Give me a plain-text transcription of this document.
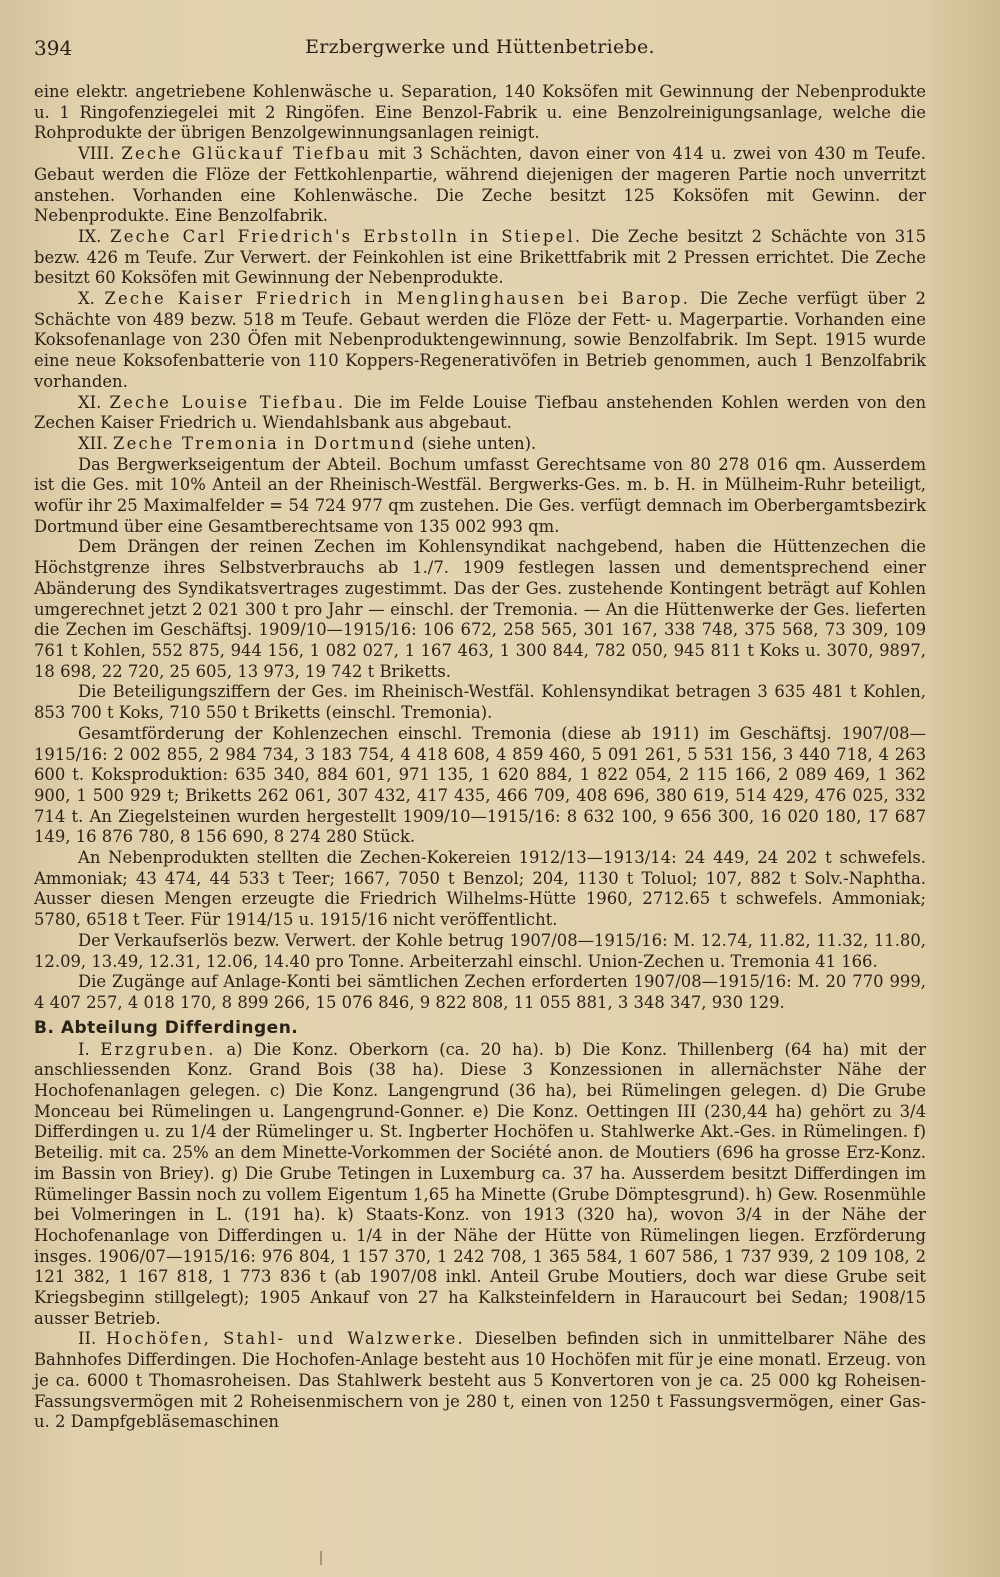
394	Erzbergwerke und Hüttenbetriebe.

eine elektr. angetriebene Kohlenwäsche u. Separation, 140 Koksöfen mit Gewinnung der Nebenprodukte u. 1 Ringofenziegelei mit 2 Ringöfen. Eine Benzol-Fabrik u. eine Benzolreinigungsanlage, welche die Rohprodukte der übrigen Benzolgewinnungsanlagen reinigt.

VIII. Zeche Glückauf Tiefbau mit 3 Schächten, davon einer von 414 u. zwei von 430 m Teufe. Gebaut werden die Flöze der Fettkohlenpartie, während diejenigen der mageren Partie noch unverritzt anstehen. Vorhanden eine Kohlenwäsche. Die Zeche besitzt 125 Koksöfen mit Gewinn. der Nebenprodukte. Eine Benzolfabrik.

IX. Zeche Carl Friedrich's Erbstolln in Stiepel. Die Zeche besitzt 2 Schächte von 315 bezw. 426 m Teufe. Zur Verwert. der Feinkohlen ist eine Brikettfabrik mit 2 Pressen errichtet. Die Zeche besitzt 60 Koksöfen mit Gewinnung der Nebenprodukte.

X. Zeche Kaiser Friedrich in Menglinghausen bei Barop. Die Zeche verfügt über 2 Schächte von 489 bezw. 518 m Teufe. Gebaut werden die Flöze der Fett- u. Magerpartie. Vorhanden eine Koksofenanlage von 230 Öfen mit Nebenproduktengewinnung, sowie Benzolfabrik. Im Sept. 1915 wurde eine neue Koksofenbatterie von 110 Koppers-Regenerativöfen in Betrieb genommen, auch 1 Benzolfabrik vorhanden.

XI. Zeche Louise Tiefbau. Die im Felde Louise Tiefbau anstehenden Kohlen werden von den Zechen Kaiser Friedrich u. Wiendahlsbank aus abgebaut.

XII. Zeche Tremonia in Dortmund (siehe unten).

Das Bergwerkseigentum der Abteil. Bochum umfasst Gerechtsame von 80 278 016 qm. Ausserdem ist die Ges. mit 10% Anteil an der Rheinisch-Westfäl. Bergwerks-Ges. m. b. H. in Mülheim-Ruhr beteiligt, wofür ihr 25 Maximalfelder = 54 724 977 qm zustehen. Die Ges. verfügt demnach im Oberbergamtsbezirk Dortmund über eine Gesamtberechtsame von 135 002 993 qm.

Dem Drängen der reinen Zechen im Kohlensyndikat nachgebend, haben die Hüttenzechen die Höchstgrenze ihres Selbstverbrauchs ab 1./7. 1909 festlegen lassen und dementsprechend einer Abänderung des Syndikatsvertrages zugestimmt. Das der Ges. zustehende Kontingent beträgt auf Kohlen umgerechnet jetzt 2 021 300 t pro Jahr — einschl. der Tremonia. — An die Hüttenwerke der Ges. lieferten die Zechen im Geschäftsj. 1909/10—1915/16: 106 672, 258 565, 301 167, 338 748, 375 568, 73 309, 109 761 t Kohlen, 552 875, 944 156, 1 082 027, 1 167 463, 1 300 844, 782 050, 945 811 t Koks u. 3070, 9897, 18 698, 22 720, 25 605, 13 973, 19 742 t Briketts.

Die Beteiligungsziffern der Ges. im Rheinisch-Westfäl. Kohlensyndikat betragen 3 635 481 t Kohlen, 853 700 t Koks, 710 550 t Briketts (einschl. Tremonia).

Gesamtförderung der Kohlenzechen einschl. Tremonia (diese ab 1911) im Geschäftsj. 1907/08—1915/16: 2 002 855, 2 984 734, 3 183 754, 4 418 608, 4 859 460, 5 091 261, 5 531 156, 3 440 718, 4 263 600 t. Koksproduktion: 635 340, 884 601, 971 135, 1 620 884, 1 822 054, 2 115 166, 2 089 469, 1 362 900, 1 500 929 t; Briketts 262 061, 307 432, 417 435, 466 709, 408 696, 380 619, 514 429, 476 025, 332 714 t. An Ziegelsteinen wurden hergestellt 1909/10—1915/16: 8 632 100, 9 656 300, 16 020 180, 17 687 149, 16 876 780, 8 156 690, 8 274 280 Stück.

An Nebenprodukten stellten die Zechen-Kokereien 1912/13—1913/14: 24 449, 24 202 t schwefels. Ammoniak; 43 474, 44 533 t Teer; 1667, 7050 t Benzol; 204, 1130 t Toluol; 107, 882 t Solv.-Naphtha. Ausser diesen Mengen erzeugte die Friedrich Wilhelms-Hütte 1960, 2712.65 t schwefels. Ammoniak; 5780, 6518 t Teer. Für 1914/15 u. 1915/16 nicht veröffentlicht.

Der Verkaufserlös bezw. Verwert. der Kohle betrug 1907/08—1915/16: M. 12.74, 11.82, 11.32, 11.80, 12.09, 13.49, 12.31, 12.06, 14.40 pro Tonne. Arbeiterzahl einschl. Union-Zechen u. Tremonia 41 166.

Die Zugänge auf Anlage-Konti bei sämtlichen Zechen erforderten 1907/08—1915/16: M. 20 770 999, 4 407 257, 4 018 170, 8 899 266, 15 076 846, 9 822 808, 11 055 881, 3 348 347, 930 129.

B. Abteilung Differdingen.

I. Erzgruben. a) Die Konz. Oberkorn (ca. 20 ha). b) Die Konz. Thillenberg (64 ha) mit der anschliessenden Konz. Grand Bois (38 ha). Diese 3 Konzessionen in allernächster Nähe der Hochofenanlagen gelegen. c) Die Konz. Langengrund (36 ha), bei Rümelingen gelegen. d) Die Grube Monceau bei Rümelingen u. Langengrund-Gonner. e) Die Konz. Oettingen III (230,44 ha) gehört zu 3/4 Differdingen u. zu 1/4 der Rümelinger u. St. Ingberter Hochöfen u. Stahlwerke Akt.-Ges. in Rümelingen. f) Beteilig. mit ca. 25% an dem Minette-Vorkommen der Société anon. de Moutiers (696 ha grosse Erz-Konz. im Bassin von Briey). g) Die Grube Tetingen in Luxemburg ca. 37 ha. Ausserdem besitzt Differdingen im Rümelinger Bassin noch zu vollem Eigentum 1,65 ha Minette (Grube Dömptesgrund). h) Gew. Rosenmühle bei Volmeringen in L. (191 ha). k) Staats-Konz. von 1913 (320 ha), wovon 3/4 in der Nähe der Hochofenanlage von Differdingen u. 1/4 in der Nähe der Hütte von Rümelingen liegen. Erzförderung insges. 1906/07—1915/16: 976 804, 1 157 370, 1 242 708, 1 365 584, 1 607 586, 1 737 939, 2 109 108, 2 121 382, 1 167 818, 1 773 836 t (ab 1907/08 inkl. Anteil Grube Moutiers, doch war diese Grube seit Kriegsbeginn stillgelegt); 1905 Ankauf von 27 ha Kalksteinfeldern in Haraucourt bei Sedan; 1908/15 ausser Betrieb.

II. Hochöfen, Stahl- und Walzwerke. Dieselben befinden sich in unmittelbarer Nähe des Bahnhofes Differdingen. Die Hochofen-Anlage besteht aus 10 Hochöfen mit für je eine monatl. Erzeug. von je ca. 6000 t Thomasroheisen. Das Stahlwerk besteht aus 5 Konvertoren von je ca. 25 000 kg Roheisen-Fassungsvermögen mit 2 Roheisenmischern von je 280 t, einen von 1250 t Fassungsvermögen, einer Gas- u. 2 Dampfgebläsemaschinen
